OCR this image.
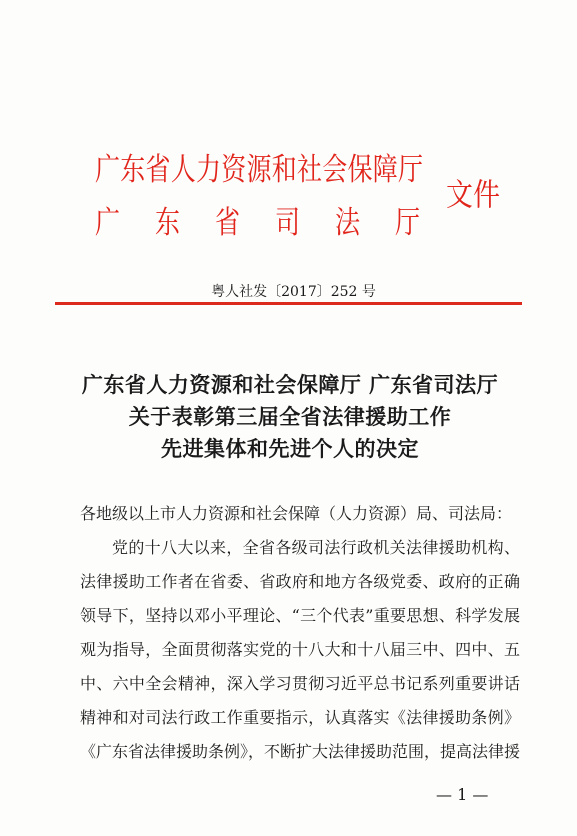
广东省人力资源和社会保障厅
广东省司法厅
文件
粤人社发〔2017〕252 号
广东省人力资源和社会保障厅 广东省司法厅
关于表彰第三届全省法律援助工作
先进集体和先进个人的决定
各地级以上市人力资源和社会保障（人力资源）局、司法局：
党的十八大以来，全省各级司法行政机关法律援助机构、
法律援助工作者在省委、省政府和地方各级党委、政府的正确
领导下，坚持以邓小平理论、“三个代表”重要思想、科学发展
观为指导，全面贯彻落实党的十八大和十八届三中、四中、五
中、六中全会精神，深入学习贯彻习近平总书记系列重要讲话
精神和对司法行政工作重要指示，认真落实《法律援助条例》
《广东省法律援助条例》，不断扩大法律援助范围，提高法律援
— 1 —
